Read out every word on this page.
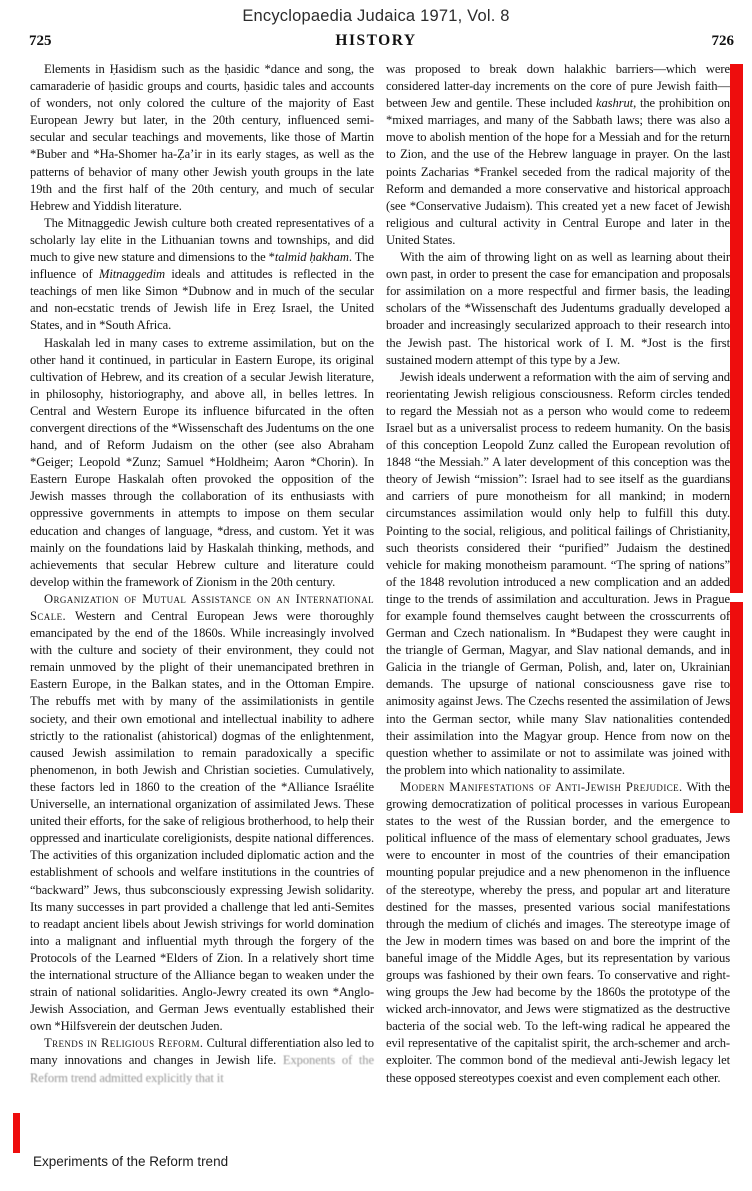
Encyclopaedia Judaica 1971, Vol. 8
725	HISTORY	726

Elements in Ḥasidism such as the ḥasidic *dance and song, the camaraderie of ḥasidic groups and courts, ḥasidic tales and accounts of wonders, not only colored the culture of the majority of East European Jewry but later, in the 20th century, influenced semi-secular and secular teachings and movements, like those of Martin *Buber and *Ha-Shomer ha-Ẓa’ir in its early stages, as well as the patterns of behavior of many other Jewish youth groups in the late 19th and the first half of the 20th century, and much of secular Hebrew and Yiddish literature.

The Mitnaggedic Jewish culture both created representatives of a scholarly lay elite in the Lithuanian towns and townships, and did much to give new stature and dimensions to the *talmid ḥakham. The influence of Mitnaggedim ideals and attitudes is reflected in the teachings of men like Simon *Dubnow and in much of the secular and non-ecstatic trends of Jewish life in Ereẓ Israel, the United States, and in *South Africa.

Haskalah led in many cases to extreme assimilation, but on the other hand it continued, in particular in Eastern Europe, its original cultivation of Hebrew, and its creation of a secular Jewish literature, in philosophy, historiography, and above all, in belles lettres. In Central and Western Europe its influence bifurcated in the often convergent directions of the *Wissenschaft des Judentums on the one hand, and of Reform Judaism on the other (see also Abraham *Geiger; Leopold *Zunz; Samuel *Holdheim; Aaron *Chorin). In Eastern Europe Haskalah often provoked the opposition of the Jewish masses through the collaboration of its enthusiasts with oppressive governments in attempts to impose on them secular education and changes of language, *dress, and custom. Yet it was mainly on the foundations laid by Haskalah thinking, methods, and achievements that secular Hebrew culture and literature could develop within the framework of Zionism in the 20th century.

Organization of Mutual Assistance on an International Scale. Western and Central European Jews were thoroughly emancipated by the end of the 1860s. While increasingly involved with the culture and society of their environment, they could not remain unmoved by the plight of their unemancipated brethren in Eastern Europe, in the Balkan states, and in the Ottoman Empire. The rebuffs met with by many of the assimilationists in gentile society, and their own emotional and intellectual inability to adhere strictly to the rationalist (ahistorical) dogmas of the enlightenment, caused Jewish assimilation to remain paradoxically a specific phenomenon, in both Jewish and Christian societies. Cumulatively, these factors led in 1860 to the creation of the *Alliance Israélite Universelle, an international organization of assimilated Jews. These united their efforts, for the sake of religious brotherhood, to help their oppressed and inarticulate coreligionists, despite national differences. The activities of this organization included diplomatic action and the establishment of schools and welfare institutions in the countries of “backward” Jews, thus subconsciously expressing Jewish solidarity. Its many successes in part provided a challenge that led anti-Semites to readapt ancient libels about Jewish strivings for world domination into a malignant and influential myth through the forgery of the Protocols of the Learned *Elders of Zion. In a relatively short time the international structure of the Alliance began to weaken under the strain of national solidarities. Anglo-Jewry created its own *Anglo-Jewish Association, and German Jews eventually established their own *Hilfsverein der deutschen Juden.

Trends in Religious Reform. Cultural differentiation also led to many innovations and changes in Jewish life. Exponents of the Reform trend admitted explicitly that it

was proposed to break down halakhic barriers—which were considered latter-day increments on the core of pure Jewish faith—between Jew and gentile. These included kashrut, the prohibition on *mixed marriages, and many of the Sabbath laws; there was also a move to abolish mention of the hope for a Messiah and for the return to Zion, and the use of the Hebrew language in prayer. On the last points Zacharias *Frankel seceded from the radical majority of the Reform and demanded a more conservative and historical approach (see *Conservative Judaism). This created yet a new facet of Jewish religious and cultural activity in Central Europe and later in the United States.

With the aim of throwing light on as well as learning about their own past, in order to present the case for emancipation and proposals for assimilation on a more respectful and firmer basis, the leading scholars of the *Wissenschaft des Judentums gradually developed a broader and increasingly secularized approach to their research into the Jewish past. The historical work of I. M. *Jost is the first sustained modern attempt of this type by a Jew.

Jewish ideals underwent a reformation with the aim of serving and reorientating Jewish religious consciousness. Reform circles tended to regard the Messiah not as a person who would come to redeem Israel but as a universalist process to redeem humanity. On the basis of this conception Leopold Zunz called the European revolution of 1848 “the Messiah.” A later development of this conception was the theory of Jewish “mission”: Israel had to see itself as the guardians and carriers of pure monotheism for all mankind; in modern circumstances assimilation would only help to fulfill this duty. Pointing to the social, religious, and political failings of Christianity, such theorists considered their “purified” Judaism the destined vehicle for making monotheism paramount. “The spring of nations” of the 1848 revolution introduced a new complication and an added tinge to the trends of assimilation and acculturation. Jews in Prague for example found themselves caught between the crosscurrents of German and Czech nationalism. In *Budapest they were caught in the triangle of German, Magyar, and Slav national demands, and in Galicia in the triangle of German, Polish, and, later on, Ukrainian demands. The upsurge of national consciousness gave rise to animosity against Jews. The Czechs resented the assimilation of Jews into the German sector, while many Slav nationalities contended their assimilation into the Magyar group. Hence from now on the question whether to assimilate or not to assimilate was joined with the problem into which nationality to assimilate.

Modern Manifestations of Anti-Jewish Prejudice. With the growing democratization of political processes in various European states to the west of the Russian border, and the emergence to political influence of the mass of elementary school graduates, Jews were to encounter in most of the countries of their emancipation mounting popular prejudice and a new phenomenon in the influence of the stereotype, whereby the press, and popular art and literature destined for the masses, presented various social manifestations through the medium of clichés and images. The stereotype image of the Jew in modern times was based on and bore the imprint of the baneful image of the Middle Ages, but its representation by various groups was fashioned by their own fears. To conservative and right-wing groups the Jew had become by the 1860s the prototype of the wicked arch-innovator, and Jews were stigmatized as the destructive bacteria of the social web. To the left-wing radical he appeared the evil representative of the capitalist spirit, the arch-schemer and arch-exploiter. The common bond of the medieval anti-Jewish legacy let these opposed stereotypes coexist and even complement each other.

Experiments of the Reform trend
